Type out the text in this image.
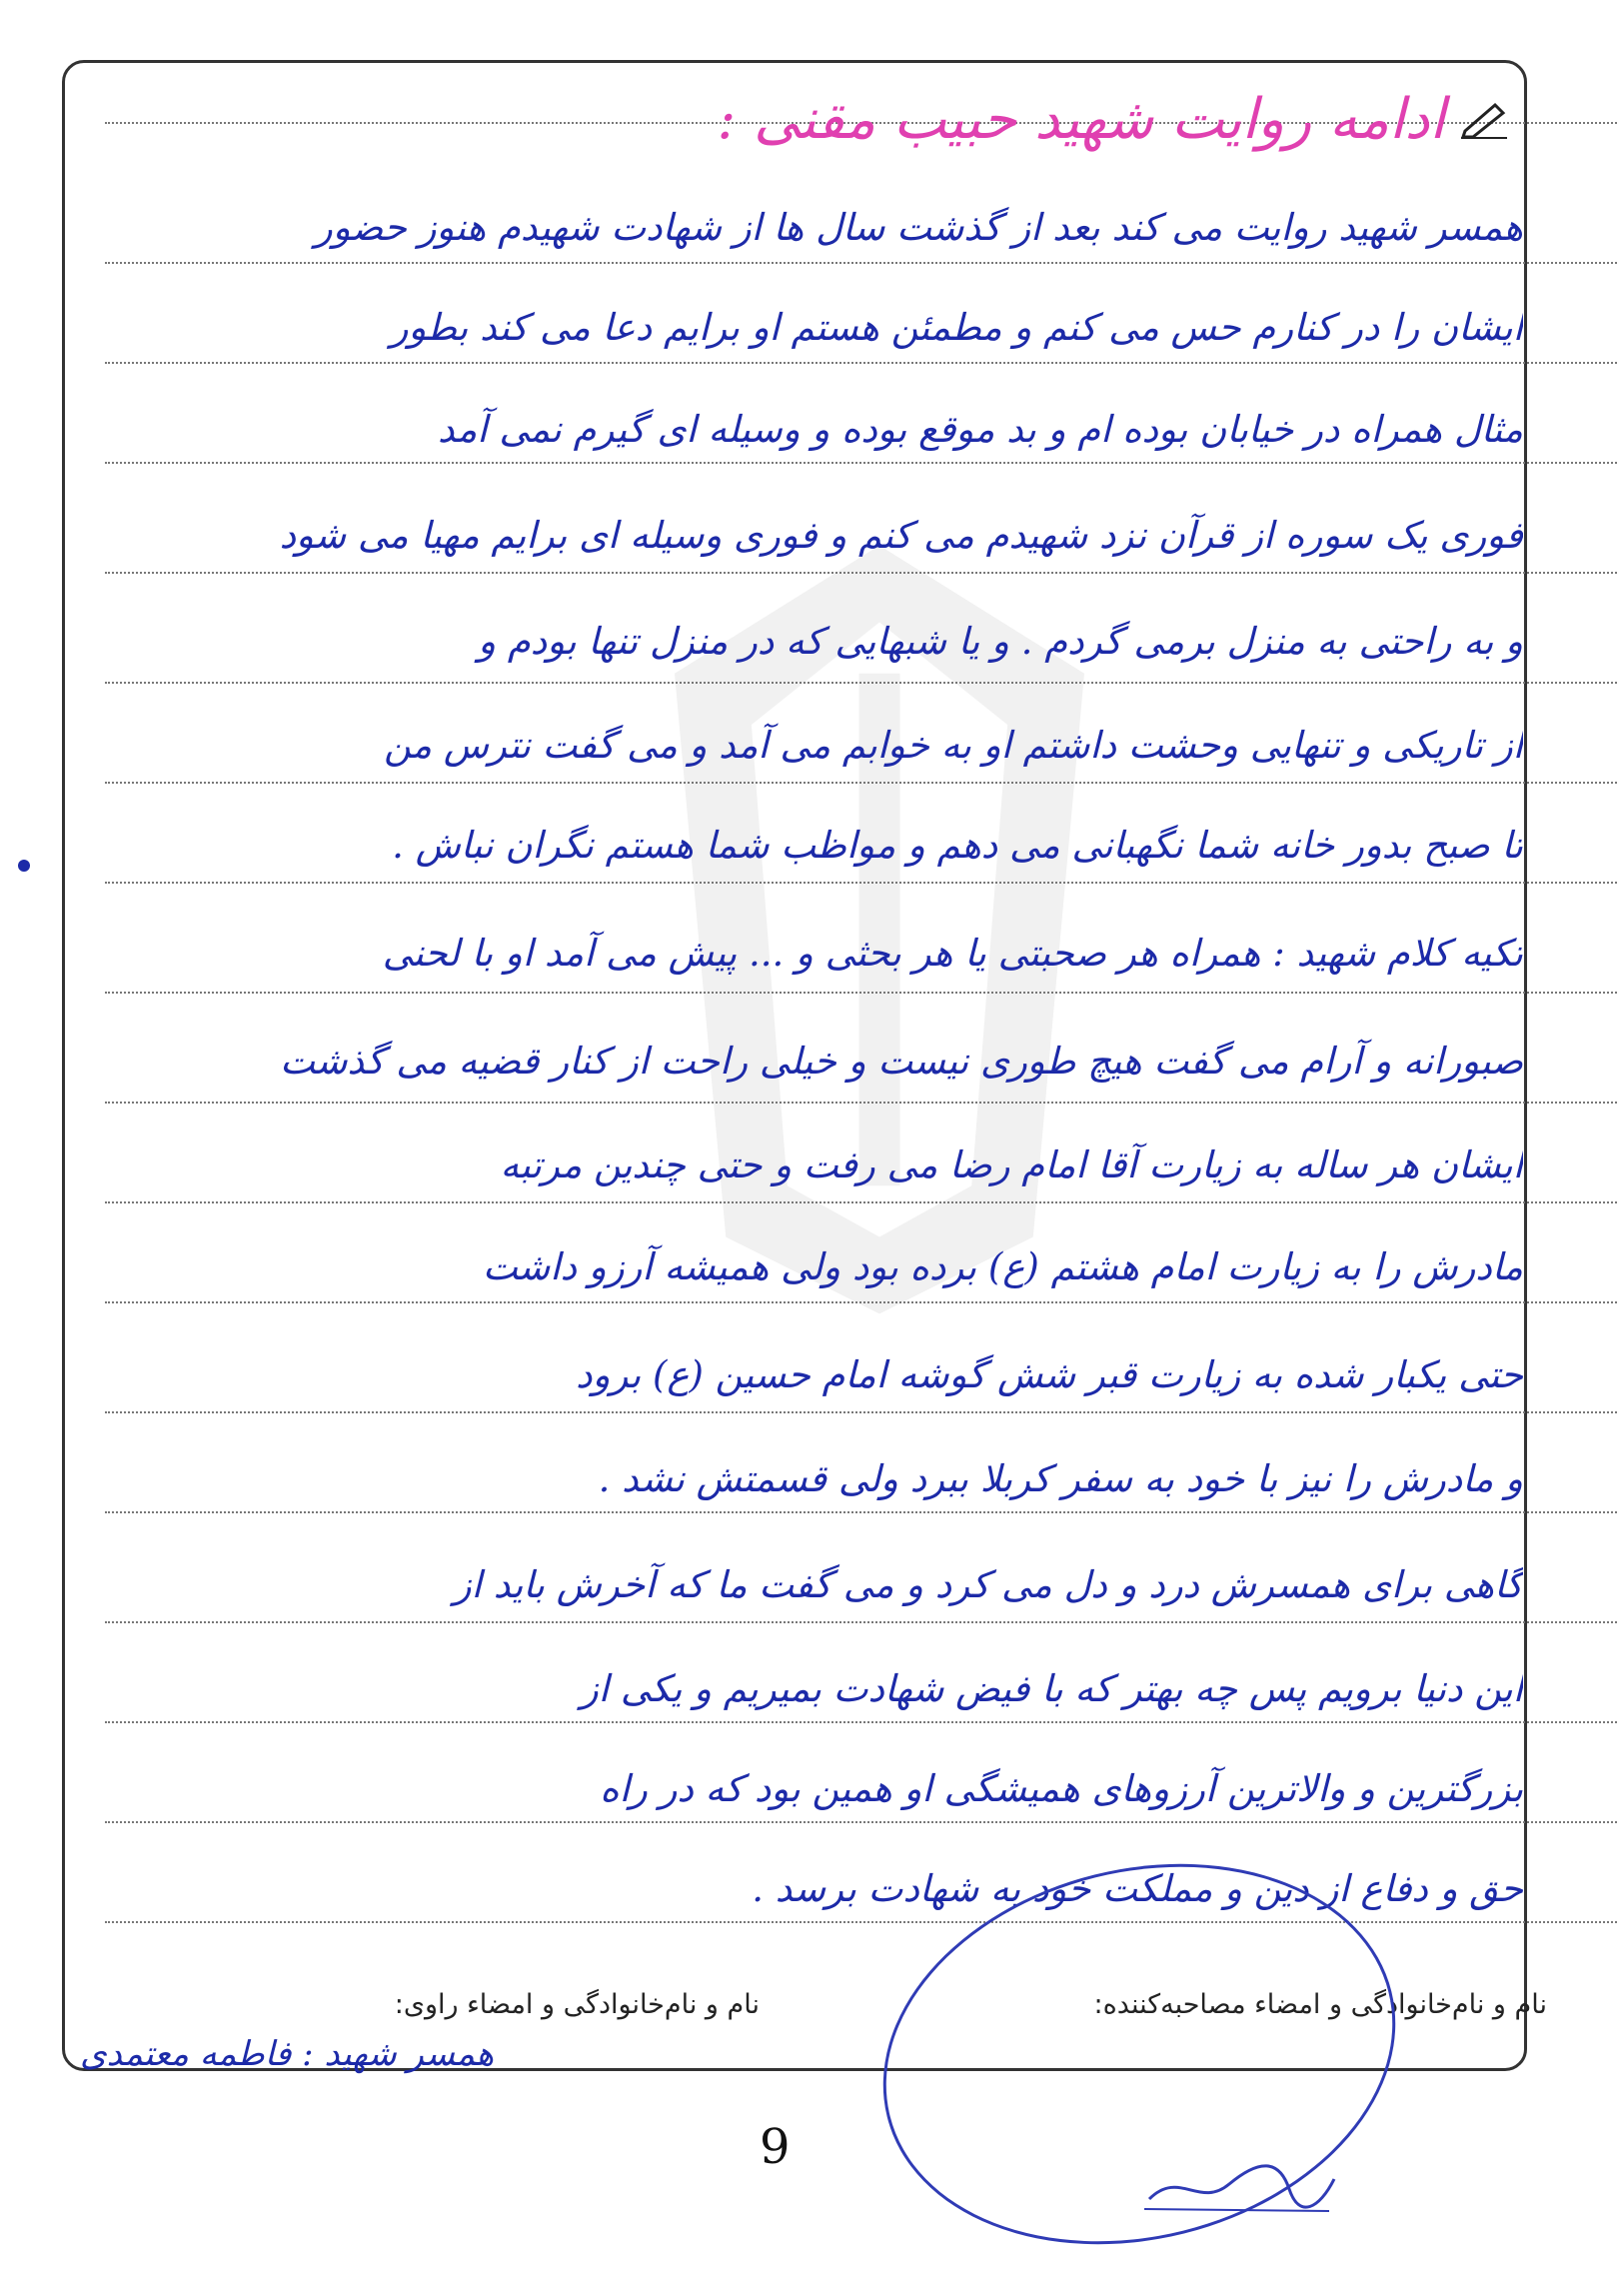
ادامه روایت شهید حبیب مقنی :
همسر شهید روایت می کند بعد از گذشت سال ها از شهادت شهیدم هنوز حضور
ایشان را در کنارم حس می کنم و مطمئن هستم او برایم دعا می کند بطور
مثال همراه در خیابان بوده ام و بد موقع بوده و وسیله ای گیرم نمی آمد
فوری یک سوره از قرآن نزد شهیدم می کنم و فوری وسیله ای برایم مهیا می شود
و به راحتی به منزل برمی گردم . و یا شبهایی که در منزل تنها بودم و
از تاریکی و تنهایی وحشت داشتم او به خوابم می آمد و می گفت نترس من
تا صبح بدور خانه شما نگهبانی می دهم و مواظب شما هستم نگران نباش .
تکیه کلام شهید : همراه هر صحبتی یا هر بحثی و ... پیش می آمد او با لحنی
صبورانه و آرام می گفت هیچ طوری نیست و خیلی راحت از کنار قضیه می گذشت
ایشان هر ساله به زیارت آقا امام رضا می رفت و حتی چندین مرتبه
مادرش را به زیارت امام هشتم (ع) برده بود ولی همیشه آرزو داشت
حتی یکبار شده به زیارت قبر شش گوشه امام حسین (ع) برود
و مادرش را نیز با خود به سفر کربلا ببرد ولی قسمتش نشد .
گاهی برای همسرش درد و دل می کرد و می گفت ما که آخرش باید از
این دنیا برویم پس چه بهتر که با فیض شهادت بمیریم و یکی از
بزرگترین و والاترین آرزوهای همیشگی او همین بود که در راه
حق و دفاع از دین و مملکت خود به شهادت برسد .
نام و نام‌خانوادگی و امضاء مصاحبه‌کننده:
نام و نام‌خانوادگی و امضاء راوی:
همسر شهید : فاطمه معتمدی
9
